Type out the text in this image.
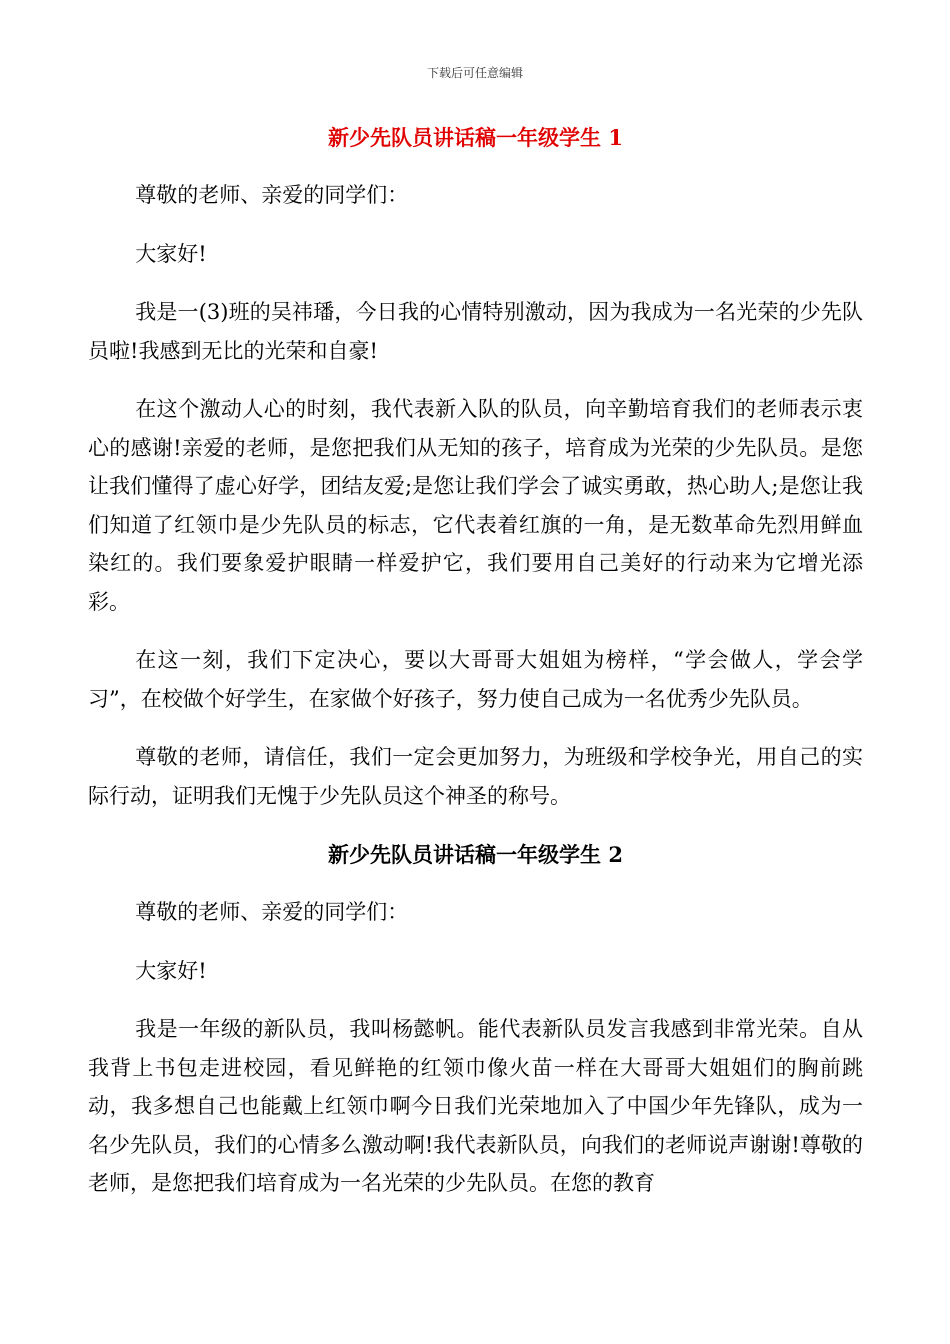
下载后可任意编辑
新少先队员讲话稿一年级学生 1

尊敬的老师、亲爱的同学们：

大家好!

我是一(3)班的吴祎璠，今日我的心情特别激动，因为我成为一名光荣的少先队员啦!我感到无比的光荣和自豪!

在这个激动人心的时刻，我代表新入队的队员，向辛勤培育我们的老师表示衷心的感谢!亲爱的老师，是您把我们从无知的孩子，培育成为光荣的少先队员。是您让我们懂得了虚心好学，团结友爱;是您让我们学会了诚实勇敢，热心助人;是您让我们知道了红领巾是少先队员的标志，它代表着红旗的一角，是无数革命先烈用鲜血染红的。我们要象爱护眼睛一样爱护它，我们要用自己美好的行动来为它增光添彩。

在这一刻，我们下定决心，要以大哥哥大姐姐为榜样，“学会做人，学会学习”，在校做个好学生，在家做个好孩子，努力使自己成为一名优秀少先队员。

尊敬的老师，请信任，我们一定会更加努力，为班级和学校争光，用自己的实际行动，证明我们无愧于少先队员这个神圣的称号。

新少先队员讲话稿一年级学生 2

尊敬的老师、亲爱的同学们：

大家好!

我是一年级的新队员，我叫杨懿帆。能代表新队员发言我感到非常光荣。自从我背上书包走进校园，看见鲜艳的红领巾像火苗一样在大哥哥大姐姐们的胸前跳动，我多想自己也能戴上红领巾啊今日我们光荣地加入了中国少年先锋队，成为一名少先队员，我们的心情多么激动啊!我代表新队员，向我们的老师说声谢谢!尊敬的老师，是您把我们培育成为一名光荣的少先队员。在您的教育
